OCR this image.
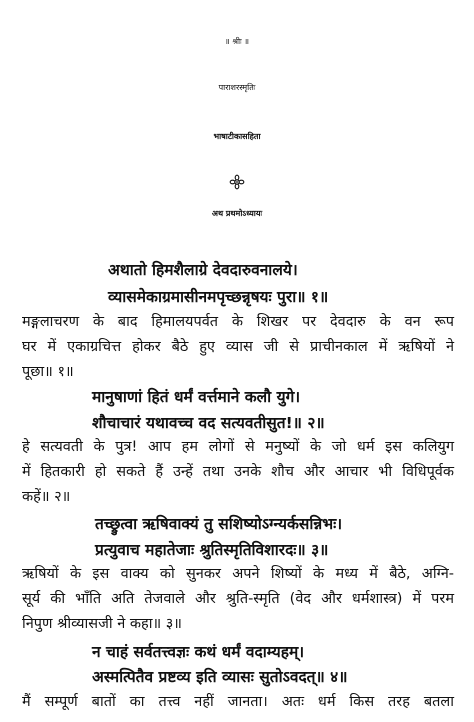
॥ श्रीः ॥
पाराशरस्मृतिः
भाषाटीकासहिता
अथ प्रथमोऽध्यायः
अथातो हिमशैलाग्रे देवदारुवनालये।
व्यासमेकाग्रमासीनमपृच्छन्नृषयः पुरा॥ १॥
मङ्गलाचरण के बाद हिमालयपर्वत के शिखर पर देवदारु के वन रूप
घर में एकाग्रचित्त होकर बैठे हुए व्यास जी से प्राचीनकाल में ऋषियों ने
पूछा॥ १॥
मानुषाणां हितं धर्मं वर्त्तमाने कलौ युगे।
शौचाचारं यथावच्च वद सत्यवतीसुत!॥ २॥
हे सत्यवती के पुत्र! आप हम लोगों से मनुष्यों के जो धर्म इस कलियुग
में हितकारी हो सकते हैं उन्हें तथा उनके शौच और आचार भी विधिपूर्वक
कहें॥ २॥
तच्छ्रुत्वा ऋषिवाक्यं तु सशिष्योऽग्न्यर्कसन्निभः।
प्रत्युवाच महातेजाः श्रुतिस्मृतिविशारदः॥ ३॥
ऋषियों के इस वाक्य को सुनकर अपने शिष्यों के मध्य में बैठे, अग्नि-
सूर्य की भाँति अति तेजवाले और श्रुति-स्मृति (वेद और धर्मशास्त्र) में परम
निपुण श्रीव्यासजी ने कहा॥ ३॥
न चाहं सर्वतत्त्वज्ञः कथं धर्मं वदाम्यहम्।
अस्मत्पितैव प्रष्टव्य इति व्यासः सुतोऽवदत्॥ ४॥
मैं सम्पूर्ण बातों का तत्त्व नहीं जानता। अतः धर्म किस तरह बतला
